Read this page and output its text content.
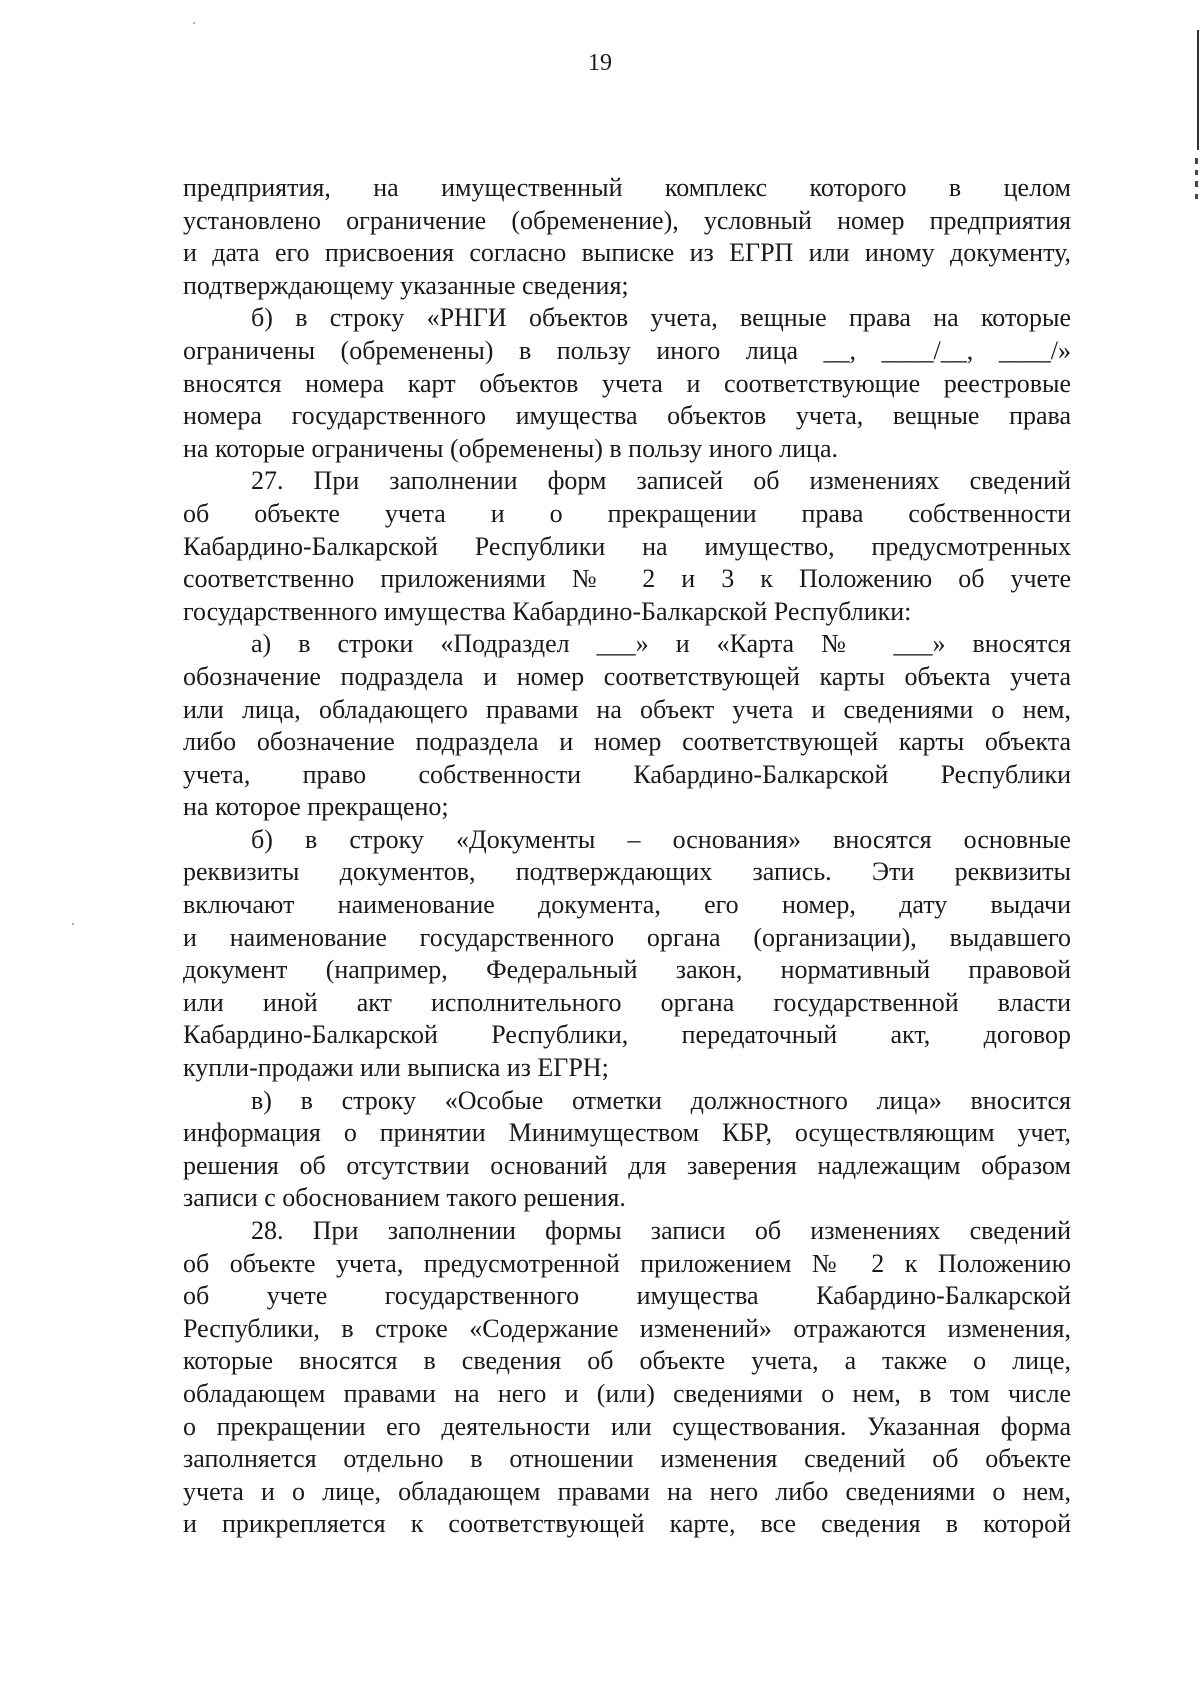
19

предприятия, на имущественный комплекс которого в целом

установлено ограничение (обременение), условный номер предприятия

и дата его присвоения согласно выписке из ЕГРП или иному документу,

подтверждающему указанные сведения;

б) в строку «РНГИ объектов учета, вещные права на которые

ограничены (обременены) в пользу иного лица __, ____/__, ____/»

вносятся номера карт объектов учета и соответствующие реестровые

номера государственного имущества объектов учета, вещные права

на которые ограничены (обременены) в пользу иного лица.

27. При заполнении форм записей об изменениях сведений

об объекте учета и о прекращении права собственности

Кабардино-Балкарской Республики на имущество, предусмотренных

соответственно приложениями № 2 и 3 к Положению об учете

государственного имущества Кабардино-Балкарской Республики:

а) в строки «Подраздел ___» и «Карта № ___» вносятся

обозначение подраздела и номер соответствующей карты объекта учета

или лица, обладающего правами на объект учета и сведениями о нем,

либо обозначение подраздела и номер соответствующей карты объекта

учета, право собственности Кабардино-Балкарской Республики

на которое прекращено;

б) в строку «Документы – основания» вносятся основные

реквизиты документов, подтверждающих запись. Эти реквизиты

включают наименование документа, его номер, дату выдачи

и наименование государственного органа (организации), выдавшего

документ (например, Федеральный закон, нормативный правовой

или иной акт исполнительного органа государственной власти

Кабардино-Балкарской Республики, передаточный акт, договор

купли-продажи или выписка из ЕГРН;

в) в строку «Особые отметки должностного лица» вносится

информация о принятии Минимуществом КБР, осуществляющим учет,

решения об отсутствии оснований для заверения надлежащим образом

записи с обоснованием такого решения.

28. При заполнении формы записи об изменениях сведений

об объекте учета, предусмотренной приложением № 2 к Положению

об учете государственного имущества Кабардино-Балкарской

Республики, в строке «Содержание изменений» отражаются изменения,

которые вносятся в сведения об объекте учета, а также о лице,

обладающем правами на него и (или) сведениями о нем, в том числе

о прекращении его деятельности или существования. Указанная форма

заполняется отдельно в отношении изменения сведений об объекте

учета и о лице, обладающем правами на него либо сведениями о нем,

и прикрепляется к соответствующей карте, все сведения в которой
